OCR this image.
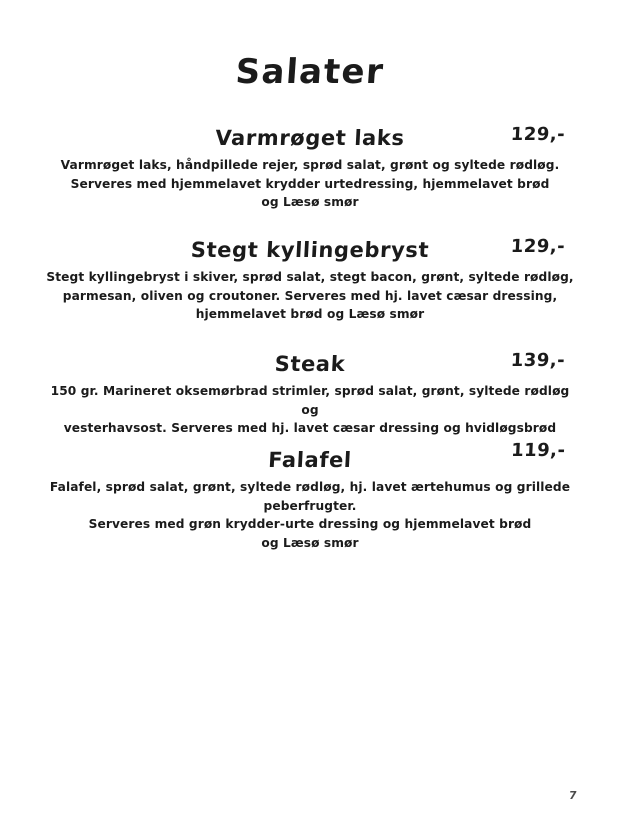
Salater
Varmrøget laks	129,-
Varmrøget laks, håndpillede rejer, sprød salat, grønt og syltede rødløg.
Serveres med hjemmelavet krydder urtedressing, hjemmelavet brød
og Læsø smør
Stegt kyllingebryst	129,-
Stegt kyllingebryst i skiver, sprød salat, stegt bacon, grønt, syltede rødløg,
parmesan, oliven og croutoner. Serveres med hj. lavet cæsar dressing,
hjemmelavet brød og Læsø smør
Steak	139,-
150 gr. Marineret oksemørbrad strimler, sprød salat, grønt, syltede rødløg og
vesterhavsost. Serveres med hj. lavet cæsar dressing og hvidløgsbrød
Falafel	119,-
Falafel, sprød salat, grønt, syltede rødløg, hj. lavet ærtehumus og grillede peberfrugter.
Serveres med grøn krydder-urte dressing og hjemmelavet brød
og Læsø smør
7
